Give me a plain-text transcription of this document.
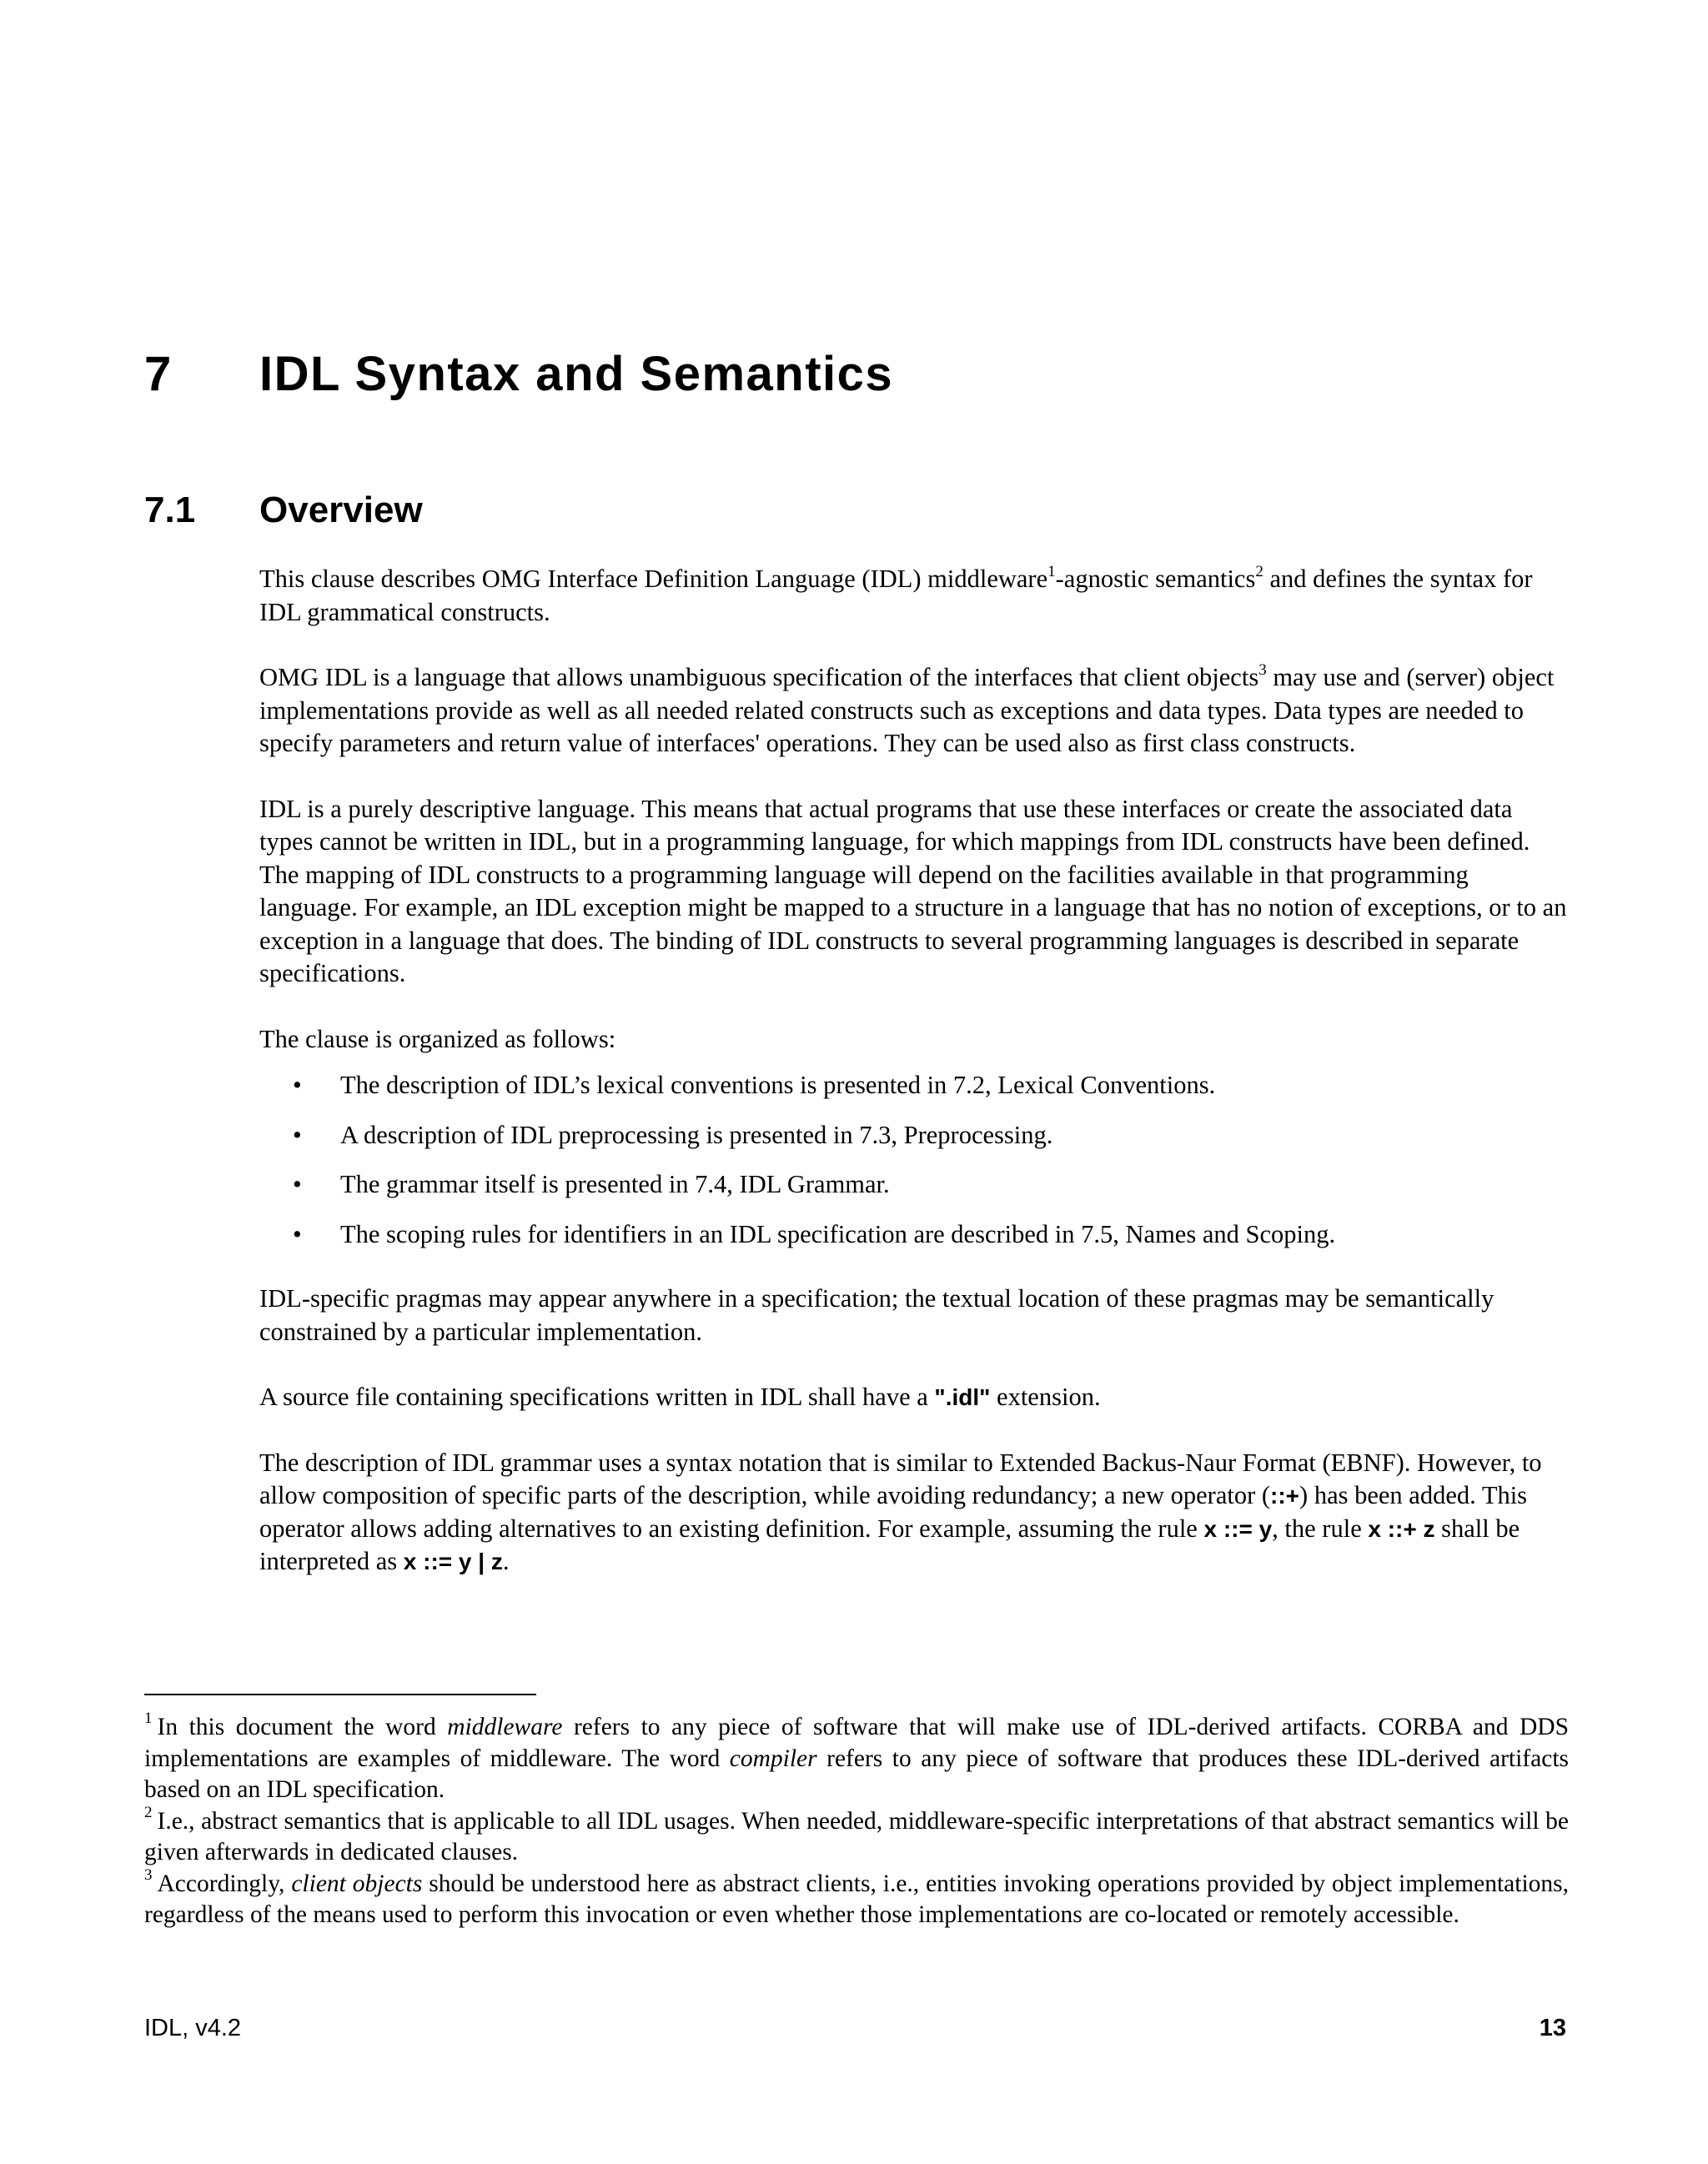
7 IDL Syntax and Semantics
7.1 Overview

This clause describes OMG Interface Definition Language (IDL) middleware$^1$-agnostic semantics$^2$ and defines the syntax for IDL grammatical constructs.

OMG IDL is a language that allows unambiguous specification of the interfaces that client objects$^3$ may use and (server) object implementations provide as well as all needed related constructs such as exceptions and data types. Data types are needed to specify parameters and return value of interfaces' operations. They can be used also as first class constructs.

IDL is a purely descriptive language. This means that actual programs that use these interfaces or create the associated data types cannot be written in IDL, but in a programming language, for which mappings from IDL constructs have been defined. The mapping of IDL constructs to a programming language will depend on the facilities available in that programming language. For example, an IDL exception might be mapped to a structure in a language that has no notion of exceptions, or to an exception in a language that does. The binding of IDL constructs to several programming languages is described in separate specifications.

The clause is organized as follows:

• The description of IDL’s lexical conventions is presented in 7.2, Lexical Conventions.
• A description of IDL preprocessing is presented in 7.3, Preprocessing.
• The grammar itself is presented in 7.4, IDL Grammar.
• The scoping rules for identifiers in an IDL specification are described in 7.5, Names and Scoping.

IDL-specific pragmas may appear anywhere in a specification; the textual location of these pragmas may be semantically constrained by a particular implementation.

A source file containing specifications written in IDL shall have a ".idl" extension.

The description of IDL grammar uses a syntax notation that is similar to Extended Backus-Naur Format (EBNF). However, to allow composition of specific parts of the description, while avoiding redundancy; a new operator (::+) has been added. This operator allows adding alternatives to an existing definition. For example, assuming the rule x ::= y, the rule x ::+ z shall be interpreted as x ::= y | z.

$^1$ In this document the word middleware refers to any piece of software that will make use of IDL-derived artifacts. CORBA and DDS implementations are examples of middleware. The word compiler refers to any piece of software that produces these IDL-derived artifacts based on an IDL specification.

$^2$ I.e., abstract semantics that is applicable to all IDL usages. When needed, middleware-specific interpretations of that abstract semantics will be given afterwards in dedicated clauses.

$^3$ Accordingly, client objects should be understood here as abstract clients, i.e., entities invoking operations provided by object implementations, regardless of the means used to perform this invocation or even whether those implementations are co-located or remotely accessible.

IDL, v4.2	13
